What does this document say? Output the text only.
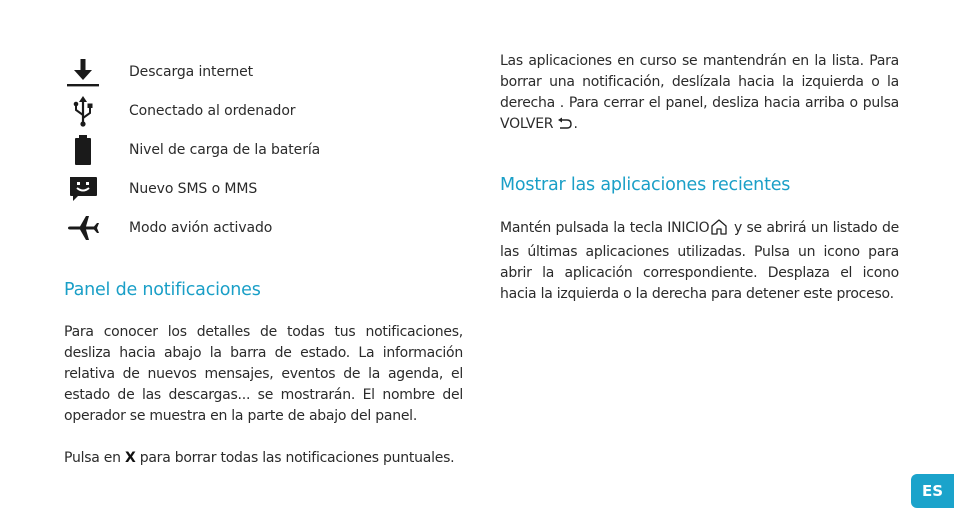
Descarga internet
Conectado al ordenador
Nivel de carga de la batería
Nuevo SMS o MMS
Modo avión activado
Panel de notificaciones

Para conocer los detalles de todas tus notificaciones, desliza hacia abajo la barra de estado. La información relativa de nuevos mensajes, eventos de la agenda, el estado de las descargas... se mostrarán. El nombre del operador se muestra en la parte de abajo del panel.

Pulsa en X para borrar todas las notificaciones puntuales.

Las aplicaciones en curso se mantendrán en la lista. Para borrar una notificación, deslízala hacia la izquierda o la derecha . Para cerrar el panel, desliza hacia arriba o pulsa VOLVER .

Mostrar las aplicaciones recientes

Mantén pulsada la tecla INICIO y se abrirá un listado de las últimas aplicaciones utilizadas. Pulsa un icono para abrir la aplicación correspondiente. Desplaza el icono hacia la izquierda o la derecha para detener este proceso.

ES
